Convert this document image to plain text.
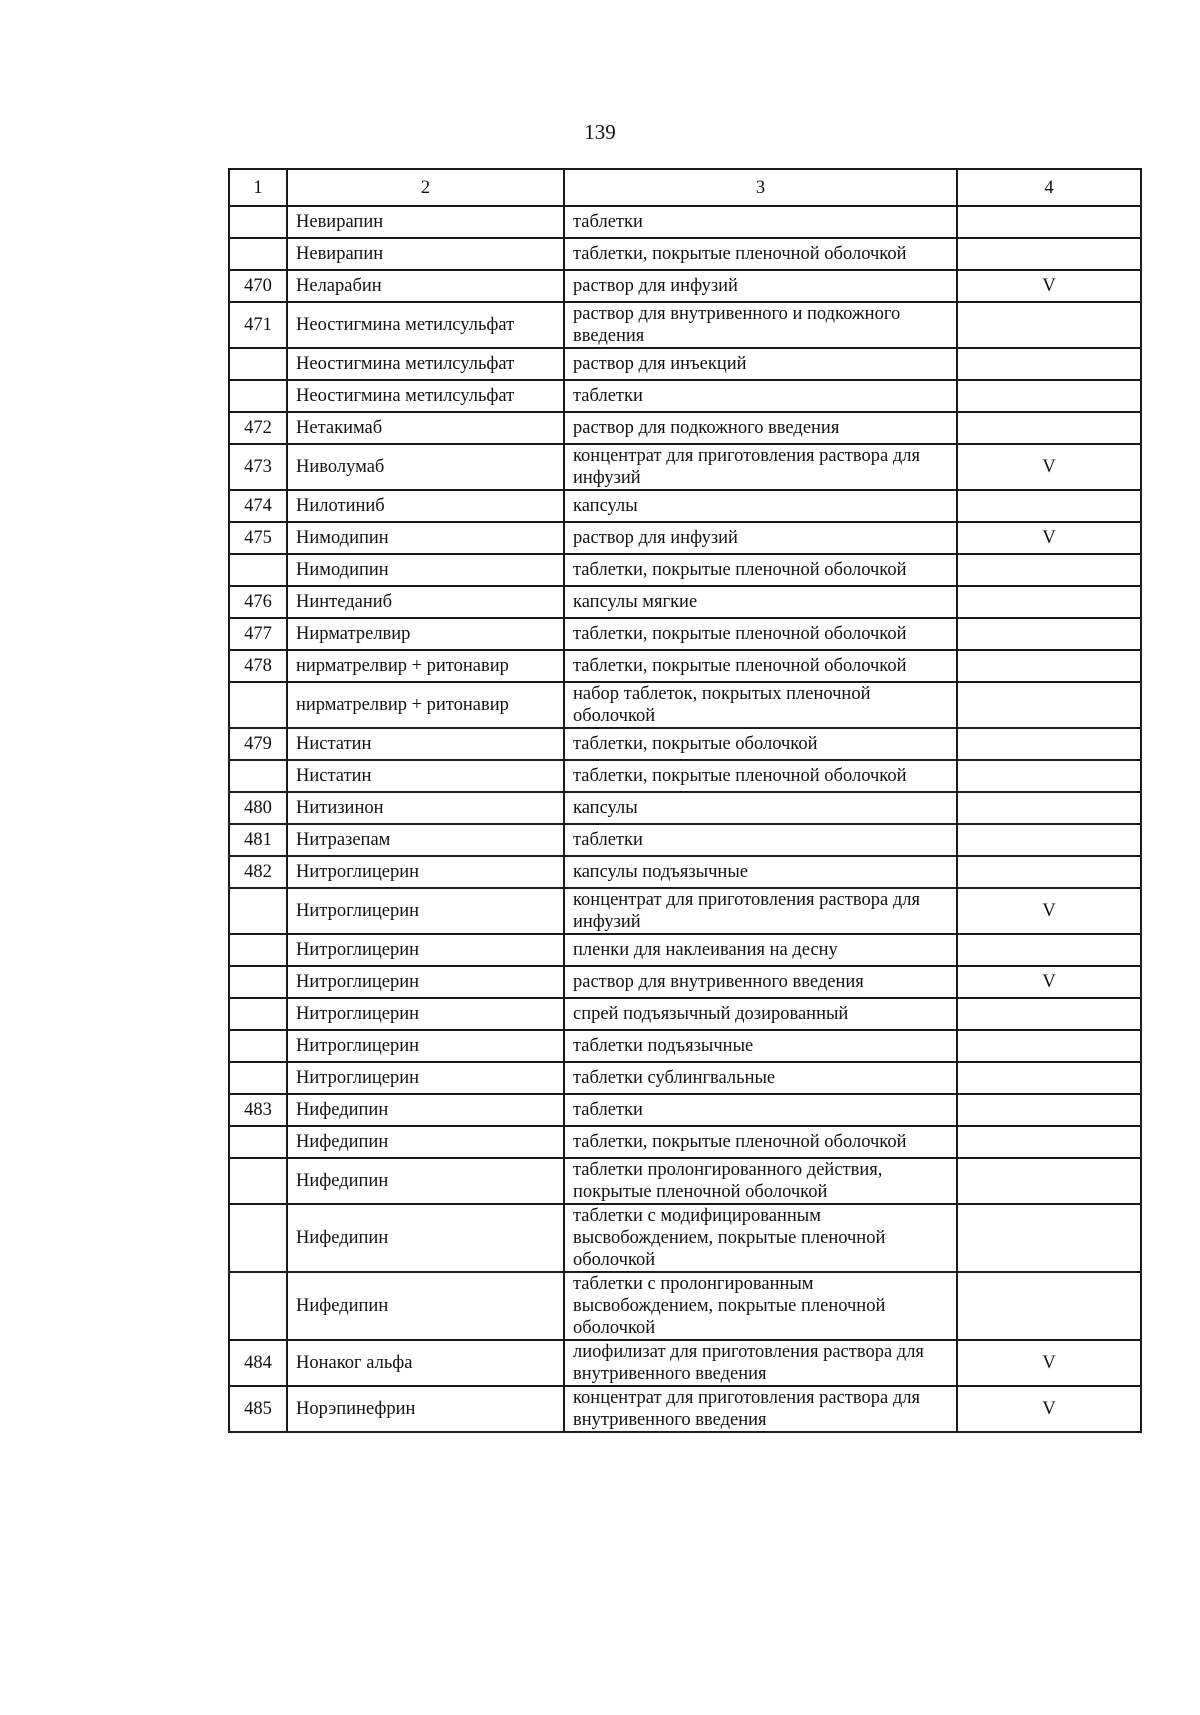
139
1	2	3	4
	Невирапин	таблетки	
	Невирапин	таблетки, покрытые пленочной оболочкой	
470	Неларабин	раствор для инфузий	V
471	Неостигмина метилсульфат	раствор для внутривенного и подкожного введения	
	Неостигмина метилсульфат	раствор для инъекций	
	Неостигмина метилсульфат	таблетки	
472	Нетакимаб	раствор для подкожного введения	
473	Ниволумаб	концентрат для приготовления раствора для инфузий	V
474	Нилотиниб	капсулы	
475	Нимодипин	раствор для инфузий	V
	Нимодипин	таблетки, покрытые пленочной оболочкой	
476	Нинтеданиб	капсулы мягкие	
477	Нирматрелвир	таблетки, покрытые пленочной оболочкой	
478	нирматрелвир + ритонавир	таблетки, покрытые пленочной оболочкой	
	нирматрелвир + ритонавир	набор таблеток, покрытых пленочной оболочкой	
479	Нистатин	таблетки, покрытые оболочкой	
	Нистатин	таблетки, покрытые пленочной оболочкой	
480	Нитизинон	капсулы	
481	Нитразепам	таблетки	
482	Нитроглицерин	капсулы подъязычные	
	Нитроглицерин	концентрат для приготовления раствора для инфузий	V
	Нитроглицерин	пленки для наклеивания на десну	
	Нитроглицерин	раствор для внутривенного введения	V
	Нитроглицерин	спрей подъязычный дозированный	
	Нитроглицерин	таблетки подъязычные	
	Нитроглицерин	таблетки сублингвальные	
483	Нифедипин	таблетки	
	Нифедипин	таблетки, покрытые пленочной оболочкой	
	Нифедипин	таблетки пролонгированного действия, покрытые пленочной оболочкой	
	Нифедипин	таблетки с модифицированным высвобождением, покрытые пленочной оболочкой	
	Нифедипин	таблетки с пролонгированным высвобождением, покрытые пленочной оболочкой	
484	Нонаког альфа	лиофилизат для приготовления раствора для внутривенного введения	V
485	Норэпинефрин	концентрат для приготовления раствора для внутривенного введения	V
